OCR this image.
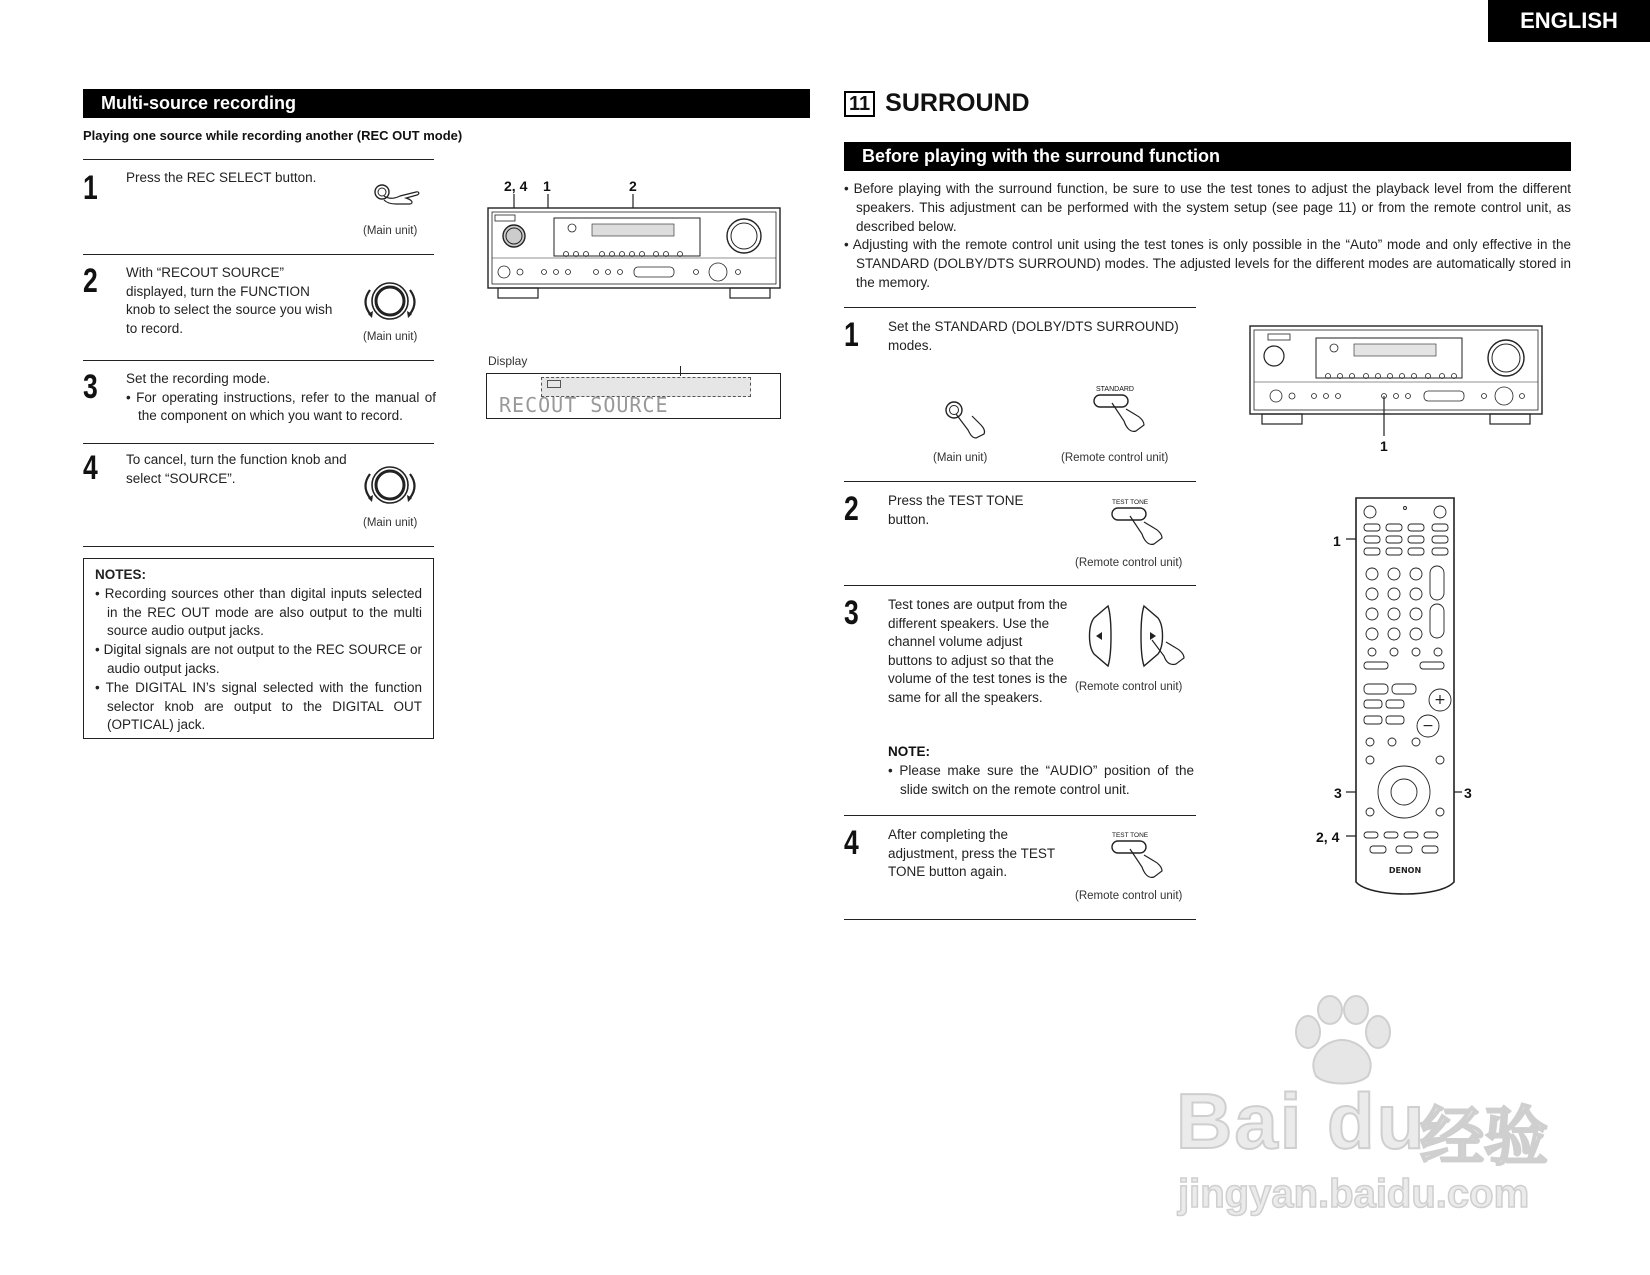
ENGLISH
Multi-source recording
Playing one source while recording another (REC OUT mode)
1 Press the REC SELECT button.
(Main unit)
2 With “RECOUT SOURCE” displayed, turn the FUNCTION knob to select the source you wish to record.
(Main unit)
3 Set the recording mode.

• For operating instructions, refer to the manual of the component on which you want to record.

4 To cancel, turn the function knob and select “SOURCE”.
(Main unit)
NOTES:

• Recording sources other than digital inputs selected in the REC OUT mode are also output to the multi source audio output jacks.

• Digital signals are not output to the REC SOURCE or audio output jacks.

• The DIGITAL IN’s signal selected with the function selector knob are output to the DIGITAL OUT (OPTICAL) jack.

2, 4 1	2
Display
RECOUT SOURCE
11 SURROUND
Before playing with the surround function

• Before playing with the surround function, be sure to use the test tones to adjust the playback level from the different speakers. This adjustment can be performed with the system setup (see page 11) or from the remote control unit, as described below.

• Adjusting with the remote control unit using the test tones is only possible in the “Auto” mode and only effective in the STANDARD (DOLBY/DTS SURROUND) modes. The adjusted levels for the different modes are automatically stored in the memory.

1 Set the STANDARD (DOLBY/DTS SURROUND) modes.
STANDARD
(Main unit)	(Remote control unit)
2 Press the TEST TONE button.
TEST TONE
(Remote control unit)
3 Test tones are output from the different speakers. Use the channel volume adjust buttons to adjust so that the volume of the test tones is the same for all the speakers.
(Remote control unit)
NOTE:
• Please make sure the “AUDIO” position of the slide switch on the remote control unit.
4 After completing the adjustment, press the TEST TONE button again.
TEST TONE
(Remote control unit)
1
1
3	3
2, 4
+
−
DENON
Bai du
经验
jingyan.baidu.com
